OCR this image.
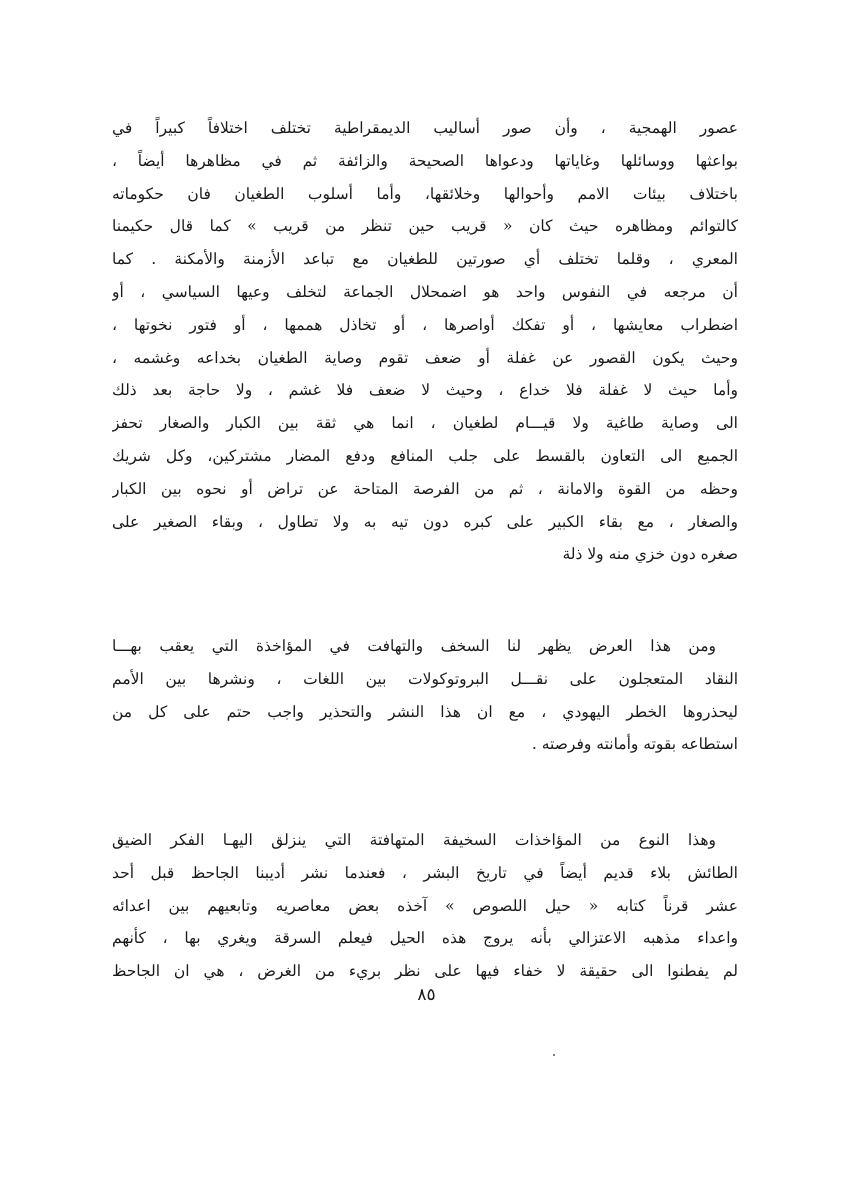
عصور الهمجية ، وأن صور أساليب الديمقراطية تختلف اختلافاً كبيراً في
بواعثها ووسائلها وغاياتها ودعواها الصحيحة والزائفة ثم في مظاهرها أيضاً ،
باختلاف بيئات الامم وأحوالها وخلائقها، وأما أسلوب الطغيان فان حكوماته
كالتوائم ومظاهره حيث كان « قريب حين تنظر من قريب » كما قال حكيمنا
المعري ، وقلما تختلف أي صورتين للطغيان مع تباعد الأزمنة والأمكنة . كما
أن مرجعه في النفوس واحد هو اضمحلال الجماعة لتخلف وعيها السياسي ، أو
اضطراب معايشها ، أو تفكك أواصرها ، أو تخاذل هممها ، أو فتور نخوتها ،
وحيث يكون القصور عن غفلة أو ضعف تقوم وصاية الطغيان بخداعه وغشمه ،
وأما حيث لا غفلة فلا خداع ، وحيث لا ضعف فلا غشم ، ولا حاجة بعد ذلك
الى وصاية طاغية ولا قيـــام لطغيان ، انما هي ثقة بين الكبار والصغار تحفز
الجميع الى التعاون بالقسط على جلب المنافع ودفع المضار مشتركين، وكل شريك
وحظه من القوة والامانة ، ثم من الفرصة المتاحة عن تراض أو نحوه بين الكبار
والصغار ، مع بقاء الكبير على كبره دون تيه به ولا تطاول ، وبقاء الصغير على
صغره دون خزي منه ولا ذلة
ومن هذا العرض يظهر لنا السخف والتهافت في المؤاخذة التي يعقب بهـــا
النقاد المتعجلون على نقـــل البروتوكولات بين اللغات ، ونشرها بين الأمم
ليحذروها الخطر اليهودي ، مع ان هذا النشر والتحذير واجب حتم على كل من
استطاعه بقوته وأمانته وفرصته .
وهذا النوع من المؤاخذات السخيفة المتهافتة التي ينزلق اليهـا الفكر الضيق
الطائش بلاء قديم أيضاً في تاريخ البشر ، فعندما نشر أديبنا الجاحظ قبل أحد
عشر قرناً كتابه « حيل اللصوص » آخذه بعض معاصريه وتابعيهم بين اعدائه
واعداء مذهبه الاعتزالي بأنه يروج هذه الحيل فيعلم السرقة ويغري بها ، كأنهم
لم يفطنوا الى حقيقة لا خفاء فيها على نظر بريء من الغرض ، هي ان الجاحظ
٨٥
